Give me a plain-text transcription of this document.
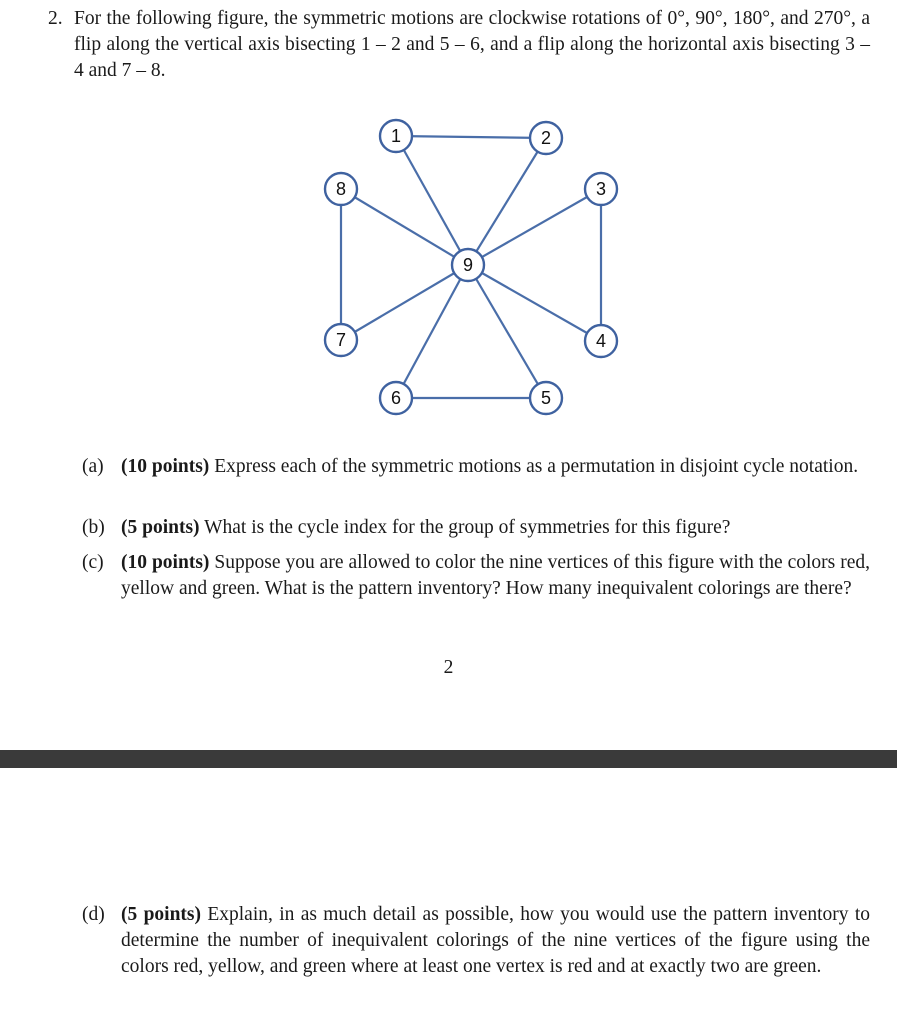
2. For the following figure, the symmetric motions are clockwise rotations of 0°, 90°, 180°, and 270°, a flip along the vertical axis bisecting 1 – 2 and 5 – 6, and a flip along the horizontal axis bisecting 3 – 4 and 7 – 8.
1	2
3
4
5
6
7
8
9
(a) (10 points) Express each of the symmetric motions as a permutation in disjoint cycle notation.
(b) (5 points) What is the cycle index for the group of symmetries for this figure?
(c) (10 points) Suppose you are allowed to color the nine vertices of this figure with the colors red, yellow and green. What is the pattern inventory? How many inequivalent colorings are there?
2
(d) (5 points) Explain, in as much detail as possible, how you would use the pattern inventory to determine the number of inequivalent colorings of the nine vertices of the figure using the colors red, yellow, and green where at least one vertex is red and at exactly two are green.
